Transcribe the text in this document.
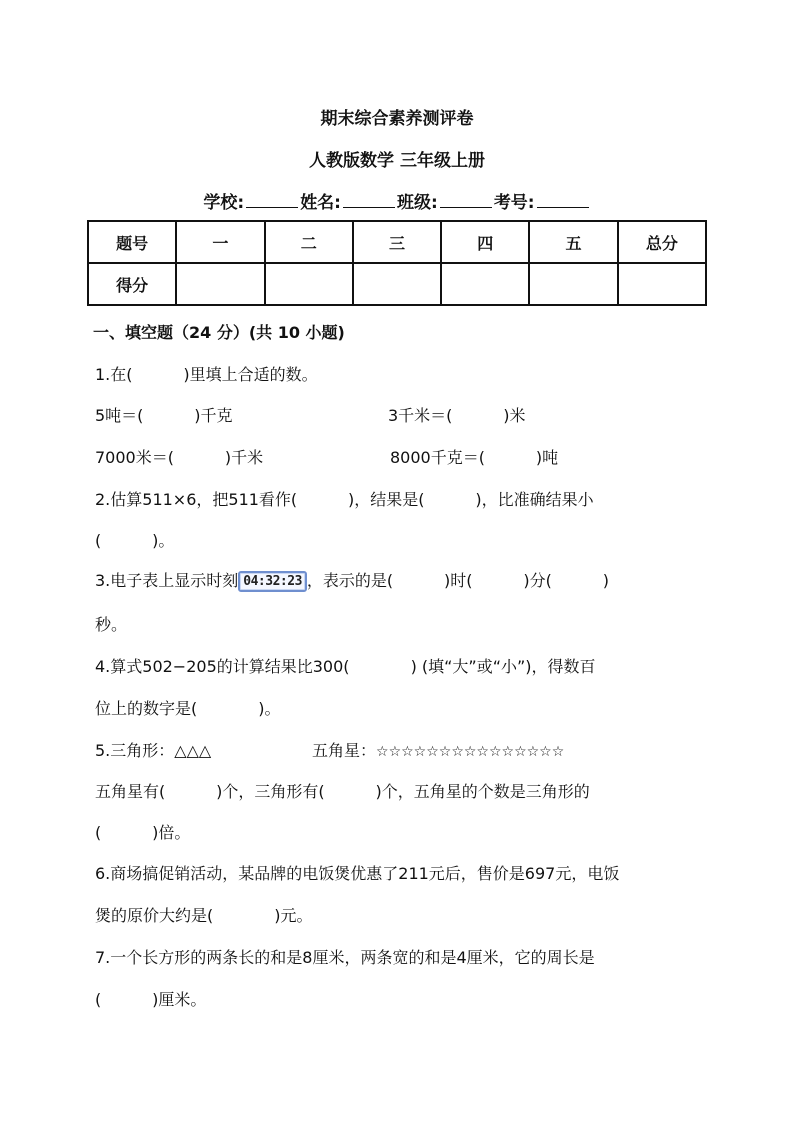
期末综合素养测评卷
人教版数学 三年级上册
学校:	姓名:	班级:	考号:
题号	一	二	三	四	五	总分
得分						
一、填空题（24 分）(共 10 小题)
1.在(          )里填上合适的数。
5吨＝(          )千克	3千米＝(          )米
7000米＝(          )千米	8000千克＝(          )吨
2.估算511×6，把511看作(          )，结果是(          )，比准确结果小
(          )。
3.电子表上显示时刻 04:32:23 ，表示的是(          )时(          )分(          )
秒。
4.算式502−205的计算结果比300(            ) (填“大”或“小”)，得数百
位上的数字是(            )。
5.三角形：△△△	五角星：☆☆☆☆☆☆☆☆☆☆☆☆☆☆☆
五角星有(          )个，三角形有(          )个，五角星的个数是三角形的
(          )倍。
6.商场搞促销活动，某品牌的电饭煲优惠了211元后，售价是697元，电饭
煲的原价大约是(            )元。
7.一个长方形的两条长的和是8厘米，两条宽的和是4厘米，它的周长是
(          )厘米。
